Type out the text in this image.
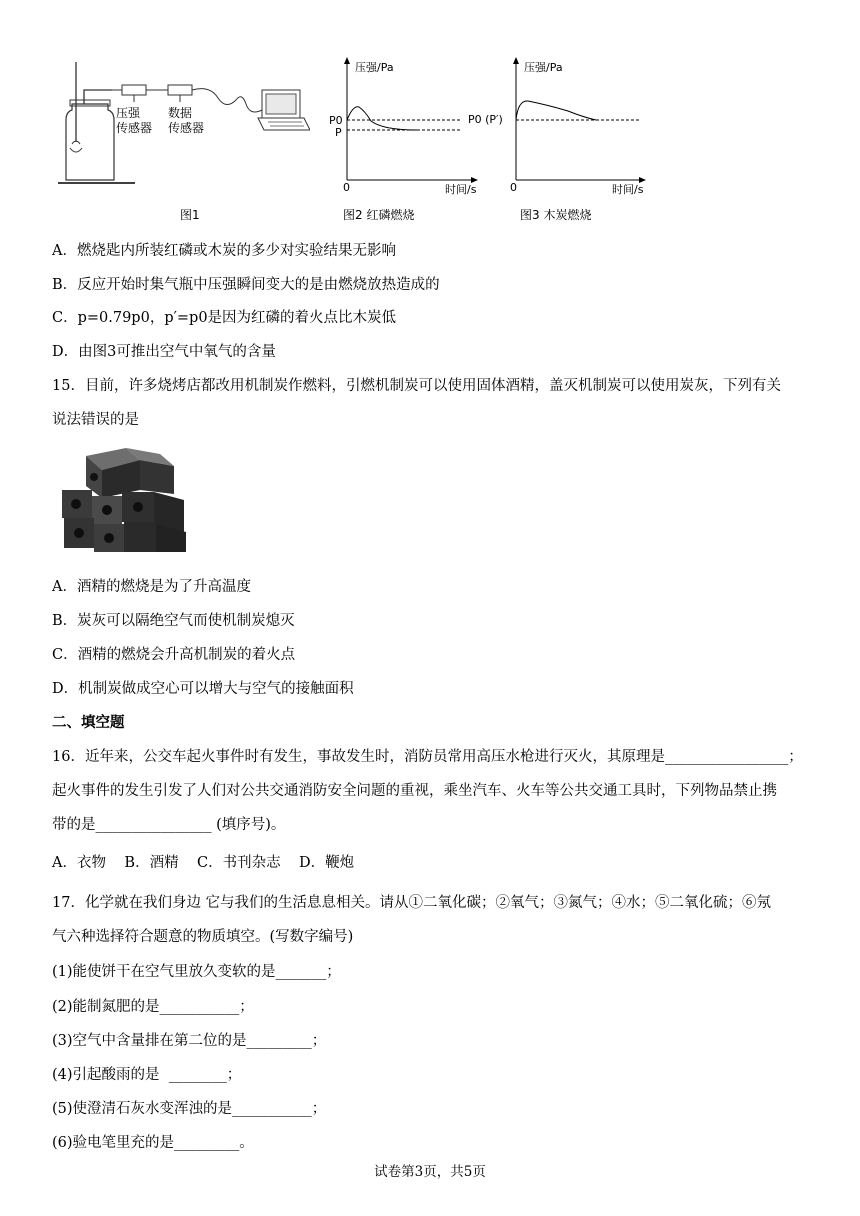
压强
传感器
数据
传感器
图1
压强/Pa
P0
P
0	时间/s
图2 红磷燃烧
压强/Pa
P0 (P′)
0	时间/s
图3 木炭燃烧
A．燃烧匙内所装红磷或木炭的多少对实验结果无影响
B．反应开始时集气瓶中压强瞬间变大的是由燃烧放热造成的
C．p=0.79p0，p′=p0是因为红磷的着火点比木炭低
D．由图3可推出空气中氧气的含量
15．目前，许多烧烤店都改用机制炭作燃料，引燃机制炭可以使用固体酒精，盖灭机制炭可以使用炭灰，下列有关
说法错误的是
A．酒精的燃烧是为了升高温度
B．炭灰可以隔绝空气而使机制炭熄灭
C．酒精的燃烧会升高机制炭的着火点
D．机制炭做成空心可以增大与空气的接触面积
二、填空题
16．近年来，公交车起火事件时有发生，事故发生时，消防员常用高压水枪进行灭火，其原理是_________________；
起火事件的发生引发了人们对公共交通消防安全问题的重视，乘坐汽车、火车等公共交通工具时，下列物品禁止携
带的是________________ (填序号)。
A．衣物    B．酒精    C．书刊杂志    D．鞭炮
17．化学就在我们身边 它与我们的生活息息相关。请从①二氧化碳；②氧气；③氮气；④水；⑤二氧化硫；⑥氖
气六种选择符合题意的物质填空。(写数字编号)
(1)能使饼干在空气里放久变软的是_______；
(2)能制氮肥的是___________；
(3)空气中含量排在第二位的是_________；
(4)引起酸雨的是  ________；
(5)使澄清石灰水变浑浊的是___________；
(6)验电笔里充的是_________。
试卷第3页，共5页
